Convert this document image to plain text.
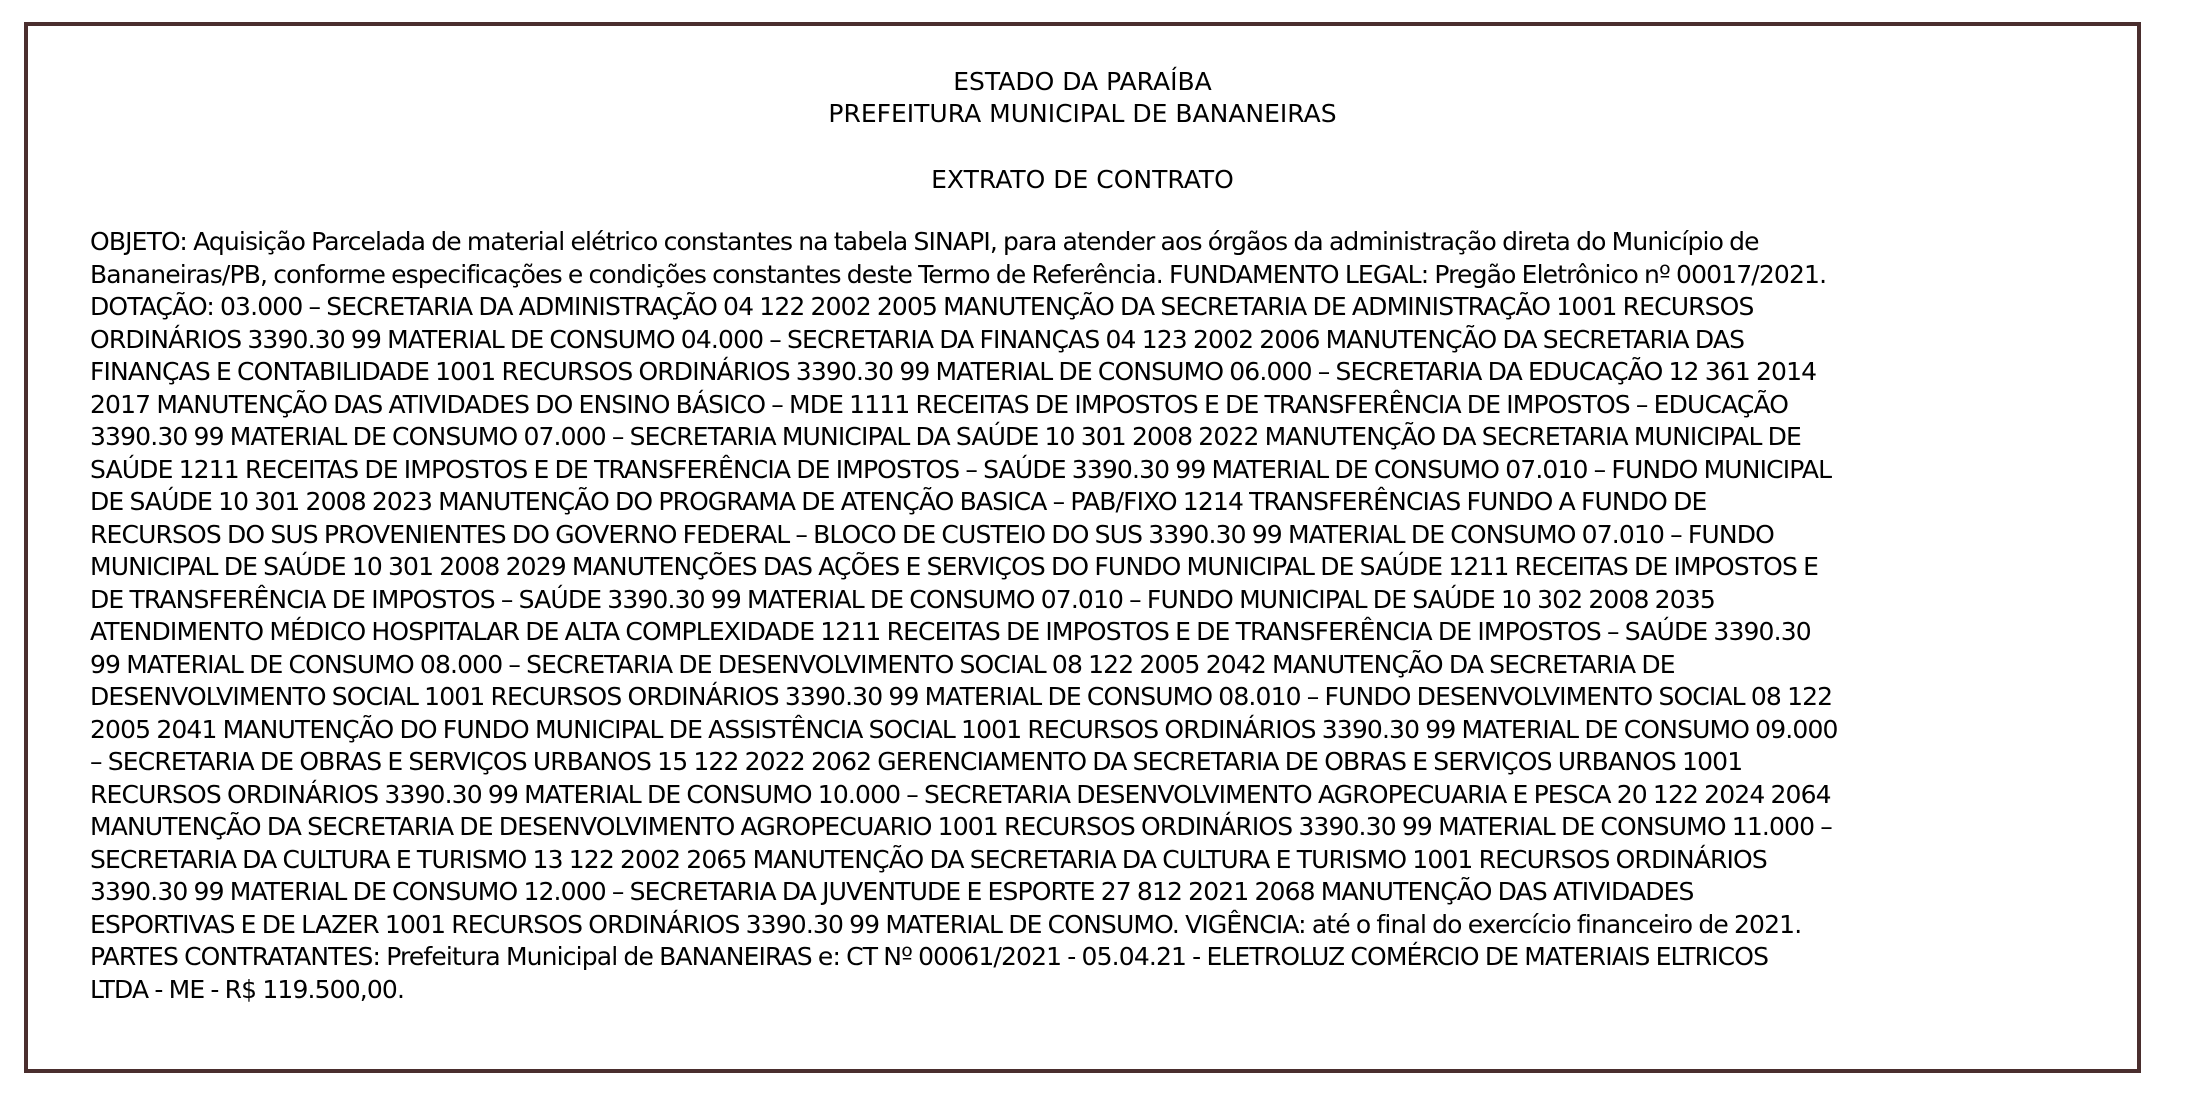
ESTADO DA PARAÍBA
PREFEITURA MUNICIPAL DE BANANEIRAS
EXTRATO DE CONTRATO
OBJETO: Aquisição Parcelada de material elétrico constantes na tabela SINAPI, para atender aos órgãos da administração direta do Município de
Bananeiras/PB, conforme especificações e condições constantes deste Termo de Referência. FUNDAMENTO LEGAL: Pregão Eletrônico nº 00017/2021.
DOTAÇÃO: 03.000 – SECRETARIA DA ADMINISTRAÇÃO 04 122 2002 2005 MANUTENÇÃO DA SECRETARIA DE ADMINISTRAÇÃO 1001 RECURSOS
ORDINÁRIOS 3390.30 99 MATERIAL DE CONSUMO 04.000 – SECRETARIA DA FINANÇAS 04 123 2002 2006 MANUTENÇÃO DA SECRETARIA DAS
FINANÇAS E CONTABILIDADE 1001 RECURSOS ORDINÁRIOS 3390.30 99 MATERIAL DE CONSUMO 06.000 – SECRETARIA DA EDUCAÇÃO 12 361 2014
2017 MANUTENÇÃO DAS ATIVIDADES DO ENSINO BÁSICO – MDE 1111 RECEITAS DE IMPOSTOS E DE TRANSFERÊNCIA DE IMPOSTOS – EDUCAÇÃO
3390.30 99 MATERIAL DE CONSUMO 07.000 – SECRETARIA MUNICIPAL DA SAÚDE 10 301 2008 2022 MANUTENÇÃO DA SECRETARIA MUNICIPAL DE
SAÚDE 1211 RECEITAS DE IMPOSTOS E DE TRANSFERÊNCIA DE IMPOSTOS – SAÚDE 3390.30 99 MATERIAL DE CONSUMO 07.010 – FUNDO MUNICIPAL
DE SAÚDE 10 301 2008 2023 MANUTENÇÃO DO PROGRAMA DE ATENÇÃO BASICA – PAB/FIXO 1214 TRANSFERÊNCIAS FUNDO A FUNDO DE
RECURSOS DO SUS PROVENIENTES DO GOVERNO FEDERAL – BLOCO DE CUSTEIO DO SUS 3390.30 99 MATERIAL DE CONSUMO 07.010 – FUNDO
MUNICIPAL DE SAÚDE 10 301 2008 2029 MANUTENÇÕES DAS AÇÕES E SERVIÇOS DO FUNDO MUNICIPAL DE SAÚDE 1211 RECEITAS DE IMPOSTOS E
DE TRANSFERÊNCIA DE IMPOSTOS – SAÚDE 3390.30 99 MATERIAL DE CONSUMO 07.010 – FUNDO MUNICIPAL DE SAÚDE 10 302 2008 2035
ATENDIMENTO MÉDICO HOSPITALAR DE ALTA COMPLEXIDADE 1211 RECEITAS DE IMPOSTOS E DE TRANSFERÊNCIA DE IMPOSTOS – SAÚDE 3390.30
99 MATERIAL DE CONSUMO 08.000 – SECRETARIA DE DESENVOLVIMENTO SOCIAL 08 122 2005 2042 MANUTENÇÃO DA SECRETARIA DE
DESENVOLVIMENTO SOCIAL 1001 RECURSOS ORDINÁRIOS 3390.30 99 MATERIAL DE CONSUMO 08.010 – FUNDO DESENVOLVIMENTO SOCIAL 08 122
2005 2041 MANUTENÇÃO DO FUNDO MUNICIPAL DE ASSISTÊNCIA SOCIAL 1001 RECURSOS ORDINÁRIOS 3390.30 99 MATERIAL DE CONSUMO 09.000
– SECRETARIA DE OBRAS E SERVIÇOS URBANOS 15 122 2022 2062 GERENCIAMENTO DA SECRETARIA DE OBRAS E SERVIÇOS URBANOS 1001
RECURSOS ORDINÁRIOS 3390.30 99 MATERIAL DE CONSUMO 10.000 – SECRETARIA DESENVOLVIMENTO AGROPECUARIA E PESCA 20 122 2024 2064
MANUTENÇÃO DA SECRETARIA DE DESENVOLVIMENTO AGROPECUARIO 1001 RECURSOS ORDINÁRIOS 3390.30 99 MATERIAL DE CONSUMO 11.000 –
SECRETARIA DA CULTURA E TURISMO 13 122 2002 2065 MANUTENÇÃO DA SECRETARIA DA CULTURA E TURISMO 1001 RECURSOS ORDINÁRIOS
3390.30 99 MATERIAL DE CONSUMO 12.000 – SECRETARIA DA JUVENTUDE E ESPORTE 27 812 2021 2068 MANUTENÇÃO DAS ATIVIDADES
ESPORTIVAS E DE LAZER 1001 RECURSOS ORDINÁRIOS 3390.30 99 MATERIAL DE CONSUMO. VIGÊNCIA: até o final do exercício financeiro de 2021.
PARTES CONTRATANTES: Prefeitura Municipal de BANANEIRAS e: CT Nº 00061/2021 - 05.04.21 - ELETROLUZ COMÉRCIO DE MATERIAIS ELTRICOS
LTDA - ME - R$ 119.500,00.
